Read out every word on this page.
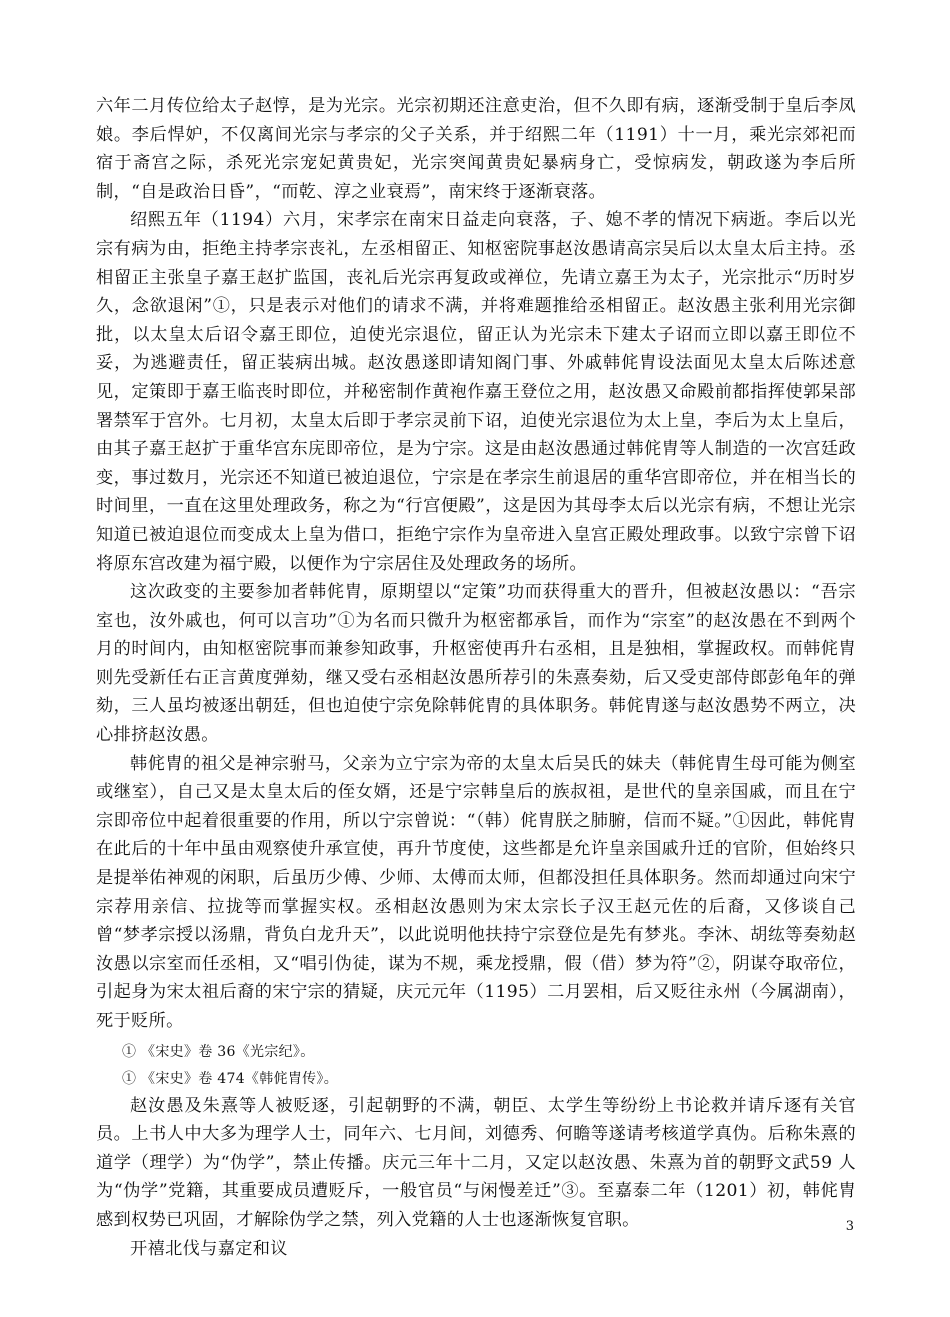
六年二月传位给太子赵惇，是为光宗。光宗初期还注意吏治，但不久即有病，逐渐受制于皇后李凤娘。李后悍妒，不仅离间光宗与孝宗的父子关系，并于绍熙二年（1191）十一月，乘光宗郊祀而宿于斋宫之际，杀死光宗宠妃黄贵妃，光宗突闻黄贵妃暴病身亡，受惊病发，朝政遂为李后所制，“自是政治日昏”，“而乾、淳之业衰焉”，南宋终于逐渐衰落。

绍熙五年（1194）六月，宋孝宗在南宋日益走向衰落，子、媳不孝的情况下病逝。李后以光宗有病为由，拒绝主持孝宗丧礼，左丞相留正、知枢密院事赵汝愚请高宗吴后以太皇太后主持。丞相留正主张皇子嘉王赵扩监国，丧礼后光宗再复政或禅位，先请立嘉王为太子，光宗批示“历时岁久，念欲退闲”①，只是表示对他们的请求不满，并将难题推给丞相留正。赵汝愚主张利用光宗御批，以太皇太后诏令嘉王即位，迫使光宗退位，留正认为光宗未下建太子诏而立即以嘉王即位不妥，为逃避责任，留正装病出城。赵汝愚遂即请知阁门事、外戚韩侂胄设法面见太皇太后陈述意见，定策即于嘉王临丧时即位，并秘密制作黄袍作嘉王登位之用，赵汝愚又命殿前都指挥使郭杲部署禁军于宫外。七月初，太皇太后即于孝宗灵前下诏，迫使光宗退位为太上皇，李后为太上皇后，由其子嘉王赵扩于重华宫东庑即帝位，是为宁宗。这是由赵汝愚通过韩侂胄等人制造的一次宫廷政变，事过数月，光宗还不知道已被迫退位，宁宗是在孝宗生前退居的重华宫即帝位，并在相当长的时间里，一直在这里处理政务，称之为“行宫便殿”，这是因为其母李太后以光宗有病，不想让光宗知道已被迫退位而变成太上皇为借口，拒绝宁宗作为皇帝进入皇宫正殿处理政事。以致宁宗曾下诏将原东宫改建为福宁殿，以便作为宁宗居住及处理政务的场所。

这次政变的主要参加者韩侂胄，原期望以“定策”功而获得重大的晋升，但被赵汝愚以：“吾宗室也，汝外戚也，何可以言功”①为名而只微升为枢密都承旨，而作为“宗室”的赵汝愚在不到两个月的时间内，由知枢密院事而兼参知政事，升枢密使再升右丞相，且是独相，掌握政权。而韩侂胄则先受新任右正言黄度弹劾，继又受右丞相赵汝愚所荐引的朱熹奏劾，后又受吏部侍郎彭龟年的弹劾，三人虽均被逐出朝廷，但也迫使宁宗免除韩侂胄的具体职务。韩侂胄遂与赵汝愚势不两立，决心排挤赵汝愚。

韩侂胄的祖父是神宗驸马，父亲为立宁宗为帝的太皇太后吴氏的妹夫（韩侂胄生母可能为侧室或继室），自己又是太皇太后的侄女婿，还是宁宗韩皇后的族叔祖，是世代的皇亲国戚，而且在宁宗即帝位中起着很重要的作用，所以宁宗曾说：“（韩）侂胄朕之肺腑，信而不疑。”①因此，韩侂胄在此后的十年中虽由观察使升承宣使，再升节度使，这些都是允许皇亲国戚升迁的官阶，但始终只是提举佑神观的闲职，后虽历少傅、少师、太傅而太师，但都没担任具体职务。然而却通过向宋宁宗荐用亲信、拉拢等而掌握实权。丞相赵汝愚则为宋太宗长子汉王赵元佐的后裔，又侈谈自己曾“梦孝宗授以汤鼎，背负白龙升天”，以此说明他扶持宁宗登位是先有梦兆。李沐、胡纮等奏劾赵汝愚以宗室而任丞相，又“唱引伪徒，谋为不规，乘龙授鼎，假（借）梦为符”②，阴谋夺取帝位，引起身为宋太祖后裔的宋宁宗的猜疑，庆元元年（1195）二月罢相，后又贬往永州（今属湖南），死于贬所。

① 《宋史》卷 36《光宗纪》。

① 《宋史》卷 474《韩侂胄传》。

赵汝愚及朱熹等人被贬逐，引起朝野的不满，朝臣、太学生等纷纷上书论救并请斥逐有关官员。上书人中大多为理学人士，同年六、七月间，刘德秀、何瞻等遂请考核道学真伪。后称朱熹的道学（理学）为“伪学”，禁止传播。庆元三年十二月，又定以赵汝愚、朱熹为首的朝野文武59 人为“伪学”党籍，其重要成员遭贬斥，一般官员“与闲慢差迁”③。至嘉泰二年（1201）初，韩侂胄感到权势已巩固，才解除伪学之禁，列入党籍的人士也逐渐恢复官职。

开禧北伐与嘉定和议

3
